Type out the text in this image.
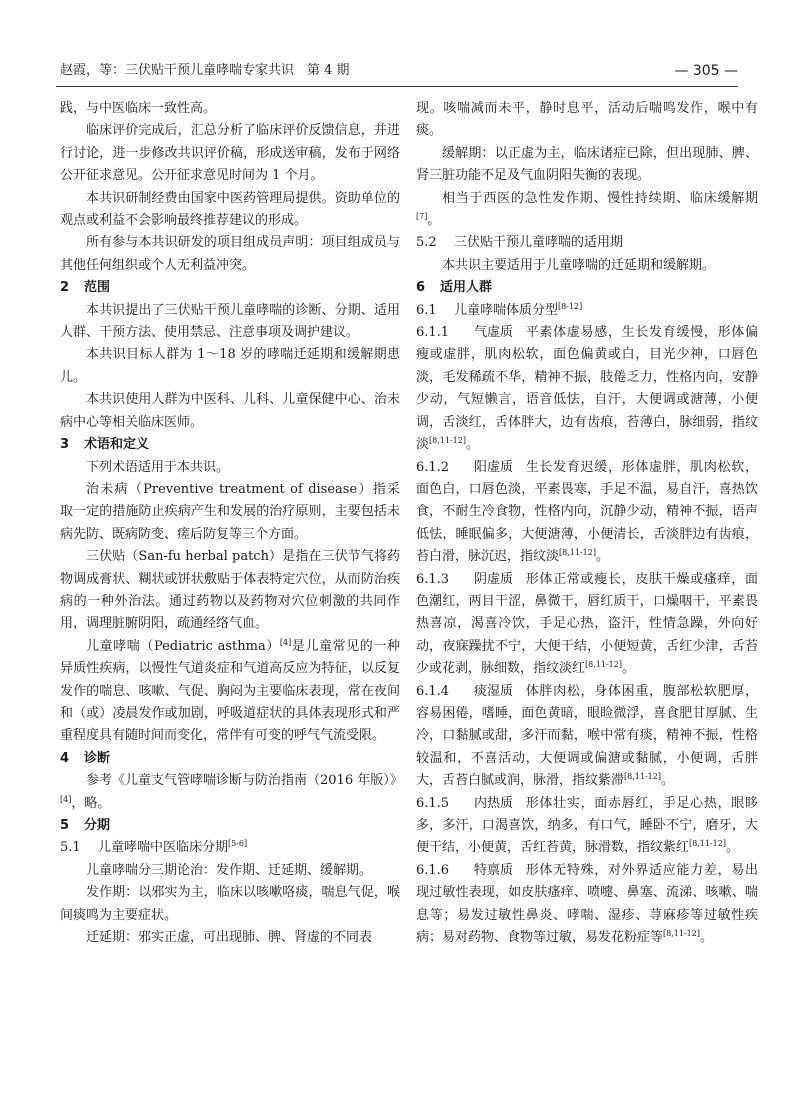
赵霞，等：三伏贴干预儿童哮喘专家共识　第 4 期	— 305 —

践，与中医临床一致性高。

临床评价完成后，汇总分析了临床评价反馈信息，并进行讨论，进一步修改共识评价稿，形成送审稿，发布于网络公开征求意见。公开征求意见时间为 1 个月。

本共识研制经费由国家中医药管理局提供。资助单位的观点或利益不会影响最终推荐建议的形成。

所有参与本共识研发的项目组成员声明：项目组成员与其他任何组织或个人无利益冲突。

2 范围

本共识提出了三伏贴干预儿童哮喘的诊断、分期、适用人群、干预方法、使用禁忌、注意事项及调护建议。

本共识目标人群为 1～18 岁的哮喘迁延期和缓解期患儿。

本共识使用人群为中医科、儿科、儿童保健中心、治未病中心等相关临床医师。

3 术语和定义

下列术语适用于本共识。

治未病（Preventive treatment of disease）指采取一定的措施防止疾病产生和发展的治疗原则，主要包括未病先防、既病防变、瘥后防复等三个方面。

三伏贴（San-fu herbal patch）是指在三伏节气将药物调成膏状、糊状或饼状敷贴于体表特定穴位，从而防治疾病的一种外治法。通过药物以及药物对穴位刺激的共同作用，调理脏腑阴阳，疏通经络气血。

儿童哮喘（Pediatric asthma）[4]是儿童常见的一种异质性疾病，以慢性气道炎症和气道高反应为特征，以反复发作的喘息、咳嗽、气促、胸闷为主要临床表现，常在夜间和（或）凌晨发作或加剧，呼吸道症状的具体表现形式和严重程度具有随时间而变化，常伴有可变的呼气气流受限。

4 诊断

参考《儿童支气管哮喘诊断与防治指南（2016 年版）》[4]，略。

5 分期
5.1 儿童哮喘中医临床分期[5-6]

儿童哮喘分三期论治：发作期、迁延期、缓解期。

发作期：以邪实为主，临床以咳嗽咯痰，喘息气促，喉间痰鸣为主要症状。

迁延期：邪实正虚，可出现肺、脾、肾虚的不同表

现。咳喘减而未平，静时息平，活动后喘鸣发作，喉中有痰。

缓解期：以正虚为主，临床诸症已除，但出现肺、脾、肾三脏功能不足及气血阴阳失衡的表现。

相当于西医的急性发作期、慢性持续期、临床缓解期[7]。

5.2 三伏贴干预儿童哮喘的适用期

本共识主要适用于儿童哮喘的迁延期和缓解期。

6 适用人群
6.1 儿童哮喘体质分型[8-12]

6.1.1 气虚质 平素体虚易感，生长发育缓慢，形体偏瘦或虚胖，肌肉松软，面色偏黄或白，目光少神，口唇色淡，毛发稀疏不华，精神不振，肢倦乏力，性格内向，安静少动，气短懒言，语音低怯，自汗，大便调或溏薄，小便调，舌淡红，舌体胖大，边有齿痕，苔薄白，脉细弱，指纹淡[8,11-12]。

6.1.2 阳虚质 生长发育迟缓，形体虚胖，肌肉松软，面色白，口唇色淡，平素畏寒，手足不温，易自汗，喜热饮食，不耐生冷食物，性格内向，沉静少动，精神不振，语声低怯，睡眠偏多，大便溏薄，小便清长，舌淡胖边有齿痕，苔白滑，脉沉迟，指纹淡[8,11-12]。

6.1.3 阴虚质 形体正常或瘦长，皮肤干燥或瘙痒，面色潮红，两目干涩，鼻微干，唇红质干，口燥咽干，平素畏热喜凉，渴喜冷饮，手足心热，盗汗，性情急躁，外向好动，夜寐躁扰不宁，大便干结，小便短黄，舌红少津，舌苔少或花剥，脉细数，指纹淡红[8,11-12]。

6.1.4 痰湿质 体胖肉松，身体困重，腹部松软肥厚，容易困倦，嗜睡，面色黄暗，眼睑微浮，喜食肥甘厚腻、生冷，口黏腻或甜，多汗而黏，喉中常有痰，精神不振，性格较温和，不喜活动，大便调或偏溏或黏腻，小便调，舌胖大，舌苔白腻或润，脉滑，指纹紫滞[8,11-12]。

6.1.5 内热质 形体壮实，面赤唇红，手足心热，眼眵多，多汗，口渴喜饮，纳多，有口气，睡卧不宁，磨牙，大便干结，小便黄，舌红苔黄，脉滑数，指纹紫红[8,11-12]。

6.1.6 特禀质 形体无特殊，对外界适应能力差，易出现过敏性表现，如皮肤瘙痒、喷嚏、鼻塞、流涕、咳嗽、喘息等；易发过敏性鼻炎、哮喘、湿疹、荨麻疹等过敏性疾病；易对药物、食物等过敏，易发花粉症等[8,11-12]。
